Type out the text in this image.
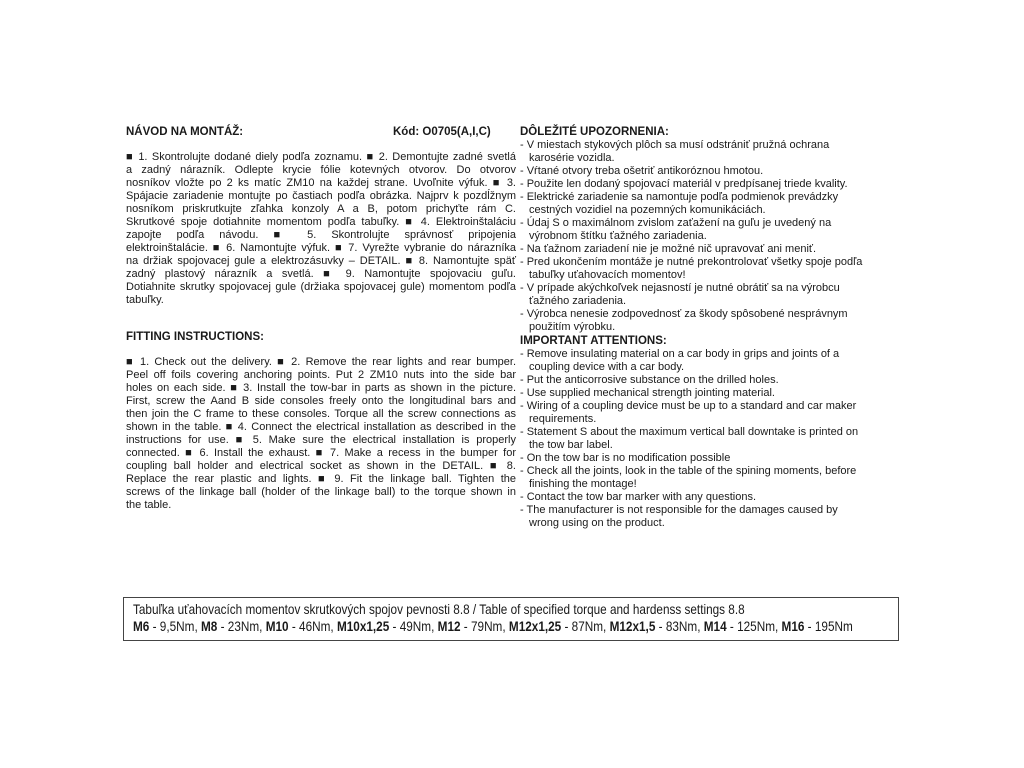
NÁVOD NA MONTÁŽ:	Kód: O0705(A,I,C)
■ 1. Skontrolujte dodané diely podľa zoznamu. ■ 2. Demontujte zadné svetlá
a zadný nárazník. Odlepte krycie fólie kotevných otvorov. Do otvorov
nosníkov vložte po 2 ks matíc ZM10 na každej strane. Uvoľnite výfuk. ■ 3.
Spájacie zariadenie montujte po častiach podľa obrázka. Najprv k pozdĺžnym
nosníkom priskrutkujte zľahka konzoly A a B, potom prichyťte rám C.
Skrutkové spoje dotiahnite momentom podľa tabuľky. ■ 4. Elektroinštaláciu
zapojte podľa návodu. ■ 5. Skontrolujte správnosť pripojenia
elektroinštalácie. ■ 6. Namontujte výfuk. ■ 7. Vyrežte vybranie do nárazníka
na držiak spojovacej gule a elektrozásuvky – DETAIL. ■ 8. Namontujte späť
zadný plastový nárazník a svetlá. ■ 9. Namontujte spojovaciu guľu.
Dotiahnite skrutky spojovacej gule (držiaka spojovacej gule) momentom podľa
tabuľky.
FITTING INSTRUCTIONS:
■ 1. Check out the delivery. ■ 2. Remove the rear lights and rear bumper.
Peel off foils covering anchoring points. Put 2 ZM10 nuts into the side bar
holes on each side. ■ 3. Install the tow-bar in parts as shown in the picture.
First, screw the Aand B side consoles freely onto the longitudinal bars and
then join the C frame to these consoles. Torque all the screw connections as
shown in the table. ■ 4. Connect the electrical installation as described in the
instructions for use. ■ 5. Make sure the electrical installation is properly
connected. ■ 6. Install the exhaust. ■ 7. Make a recess in the bumper for
coupling ball holder and electrical socket as shown in the DETAIL. ■ 8.
Replace the rear plastic and lights. ■ 9. Fit the linkage ball. Tighten the
screws of the linkage ball (holder of the linkage ball) to the torque shown in
the table.
DÔLEŽITÉ UPOZORNENIA:
- V miestach stykových plôch sa musí odstrániť pružná ochrana
karosérie vozidla.
- Vŕtané otvory treba ošetriť antikoróznou hmotou.
- Použite len dodaný spojovací materiál v predpísanej triede kvality.
- Elektrické zariadenie sa namontuje podľa podmienok prevádzky
cestných vozidiel na pozemných komunikáciách.
- Údaj S o maximálnom zvislom zaťažení na guľu je uvedený na
výrobnom štítku ťažného zariadenia.
- Na ťažnom zariadení nie je možné nič upravovať ani meniť.
- Pred ukončením montáže je nutné prekontrolovať všetky spoje podľa
tabuľky uťahovacích momentov!
- V prípade akýchkoľvek nejasností je nutné obrátiť sa na výrobcu
ťažného zariadenia.
- Výrobca nenesie zodpovednosť za škody spôsobené nesprávnym
použitím výrobku.
IMPORTANT ATTENTIONS:
- Remove insulating material on a car body in grips and joints of a
coupling device with a car body.
- Put the anticorrosive substance on the drilled holes.
- Use supplied mechanical strength jointing material.
- Wiring of a coupling device must be up to a standard and car maker
requirements.
- Statement S about the maximum vertical ball downtake is printed on
the tow bar label.
- On the tow bar is no modification possible
- Check all the joints, look in the table of the spining moments, before
finishing the montage!
- Contact the tow bar marker with any questions.
- The manufacturer is not responsible for the damages caused by
wrong using on the product.
Tabuľka uťahovacích momentov skrutkových spojov pevnosti 8.8 / Table of specified torque and hardenss settings 8.8
M6 - 9,5Nm, M8 - 23Nm, M10 - 46Nm, M10x1,25 - 49Nm, M12 - 79Nm, M12x1,25 - 87Nm, M12x1,5 - 83Nm, M14 - 125Nm, M16 - 195Nm
